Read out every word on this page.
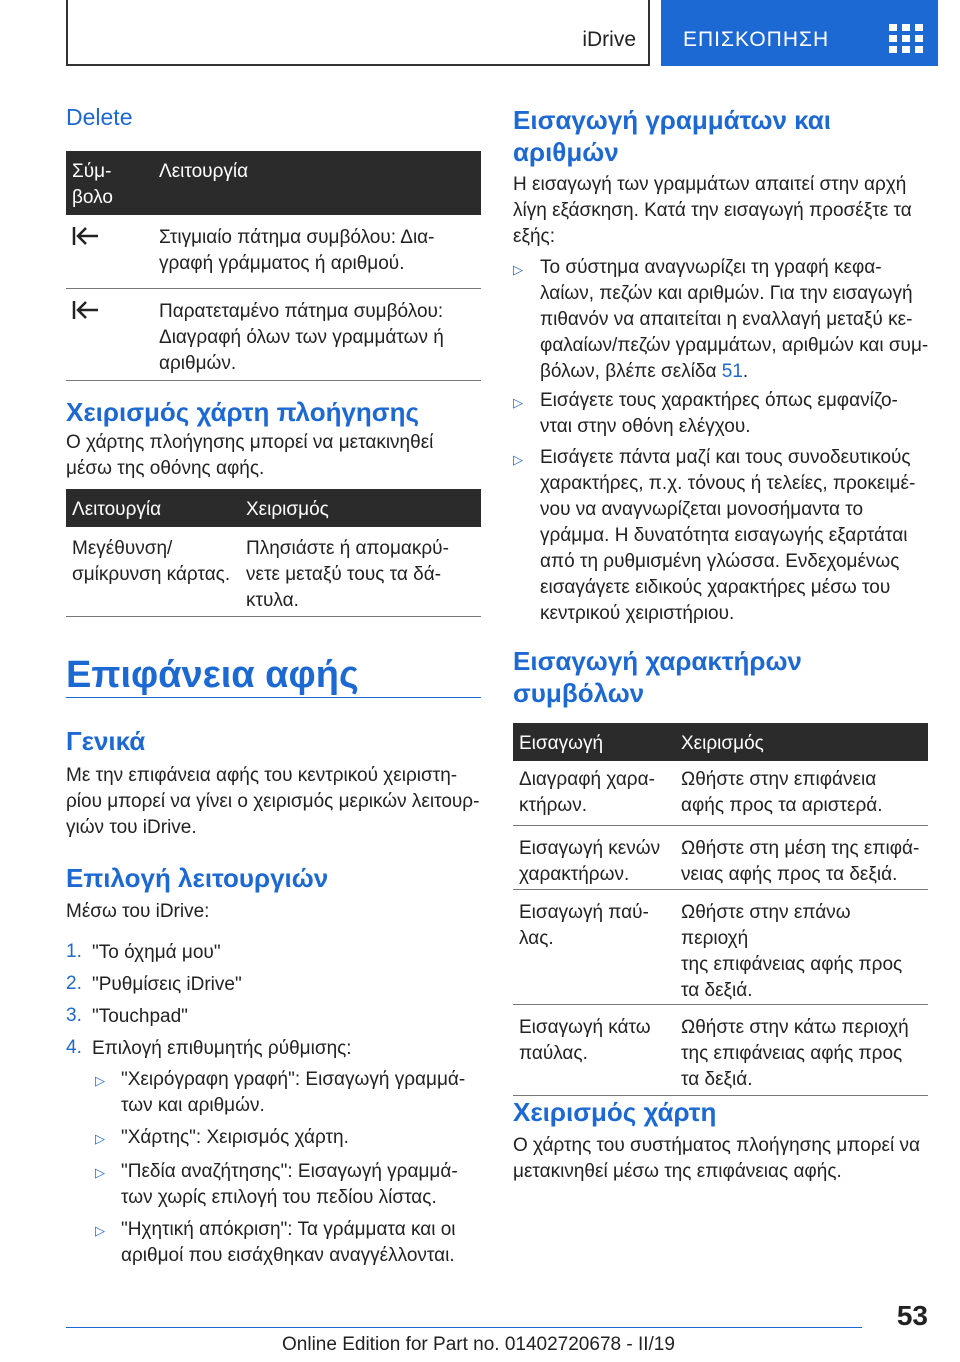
iDrive ΕΠΙΣΚΟΠΗΣΗ
Delete
Σύμ-
βολο	Λειτουργία
	Στιγμιαίο πάτημα συμβόλου: Δια-
γραφή γράμματος ή αριθμού.
	Παρατεταμένο πάτημα συμβόλου:
Διαγραφή όλων των γραμμάτων ή
αριθμών.
Χειρισμός χάρτη πλοήγησης
Ο χάρτης πλοήγησης μπορεί να μετακινηθεί
μέσω της οθόνης αφής.
Λειτουργία	Χειρισμός
Μεγέθυνση/
σμίκρυνση κάρτας.	Πλησιάστε ή απομακρύ-
νετε μεταξύ τους τα δά-
κτυλα.
Επιφάνεια αφής
Γενικά
Με την επιφάνεια αφής του κεντρικού χειριστη-
ρίου μπορεί να γίνει ο χειρισμός μερικών λειτουρ-
γιών του iDrive.
Επιλογή λειτουργιών
Μέσω του iDrive:
1. "Το όχημά μου"
2. "Ρυθμίσεις iDrive"
3. "Touchpad"
4. Επιλογή επιθυμητής ρύθμισης:
▷ "Χειρόγραφη γραφή": Εισαγωγή γραμμά-
των και αριθμών.
▷ "Χάρτης": Χειρισμός χάρτη.
▷ "Πεδία αναζήτησης": Εισαγωγή γραμμά-
των χωρίς επιλογή του πεδίου λίστας.
▷ "Ηχητική απόκριση": Τα γράμματα και οι
αριθμοί που εισάχθηκαν αναγγέλλονται.
Εισαγωγή γραμμάτων και
αριθμών
Η εισαγωγή των γραμμάτων απαιτεί στην αρχή
λίγη εξάσκηση. Κατά την εισαγωγή προσέξτε τα
εξής:
▷ Το σύστημα αναγνωρίζει τη γραφή κεφα-
λαίων, πεζών και αριθμών. Για την εισαγωγή
πιθανόν να απαιτείται η εναλλαγή μεταξύ κε-
φαλαίων/πεζών γραμμάτων, αριθμών και συμ-
βόλων, βλέπε σελίδα 51.
▷ Εισάγετε τους χαρακτήρες όπως εμφανίζο-
νται στην οθόνη ελέγχου.
▷ Εισάγετε πάντα μαζί και τους συνοδευτικούς
χαρακτήρες, π.χ. τόνους ή τελείες, προκειμέ-
νου να αναγνωρίζεται μονοσήμαντα το
γράμμα. Η δυνατότητα εισαγωγής εξαρτάται
από τη ρυθμισμένη γλώσσα. Ενδεχομένως
εισαγάγετε ειδικούς χαρακτήρες μέσω του
κεντρικού χειριστήριου.
Εισαγωγή χαρακτήρων
συμβόλων
Εισαγωγή	Χειρισμός
Διαγραφή χαρα-
κτήρων.	Ωθήστε στην επιφάνεια
αφής προς τα αριστερά.
Εισαγωγή κενών
χαρακτήρων.	Ωθήστε στη μέση της επιφά-
νειας αφής προς τα δεξιά.
Εισαγωγή παύ-
λας.	Ωθήστε στην επάνω περιοχή
της επιφάνειας αφής προς
τα δεξιά.
Εισαγωγή κάτω
παύλας.	Ωθήστε στην κάτω περιοχή
της επιφάνειας αφής προς
τα δεξιά.
Χειρισμός χάρτη
Ο χάρτης του συστήματος πλοήγησης μπορεί να
μετακινηθεί μέσω της επιφάνειας αφής.
53
Online Edition for Part no. 01402720678 - II/19
